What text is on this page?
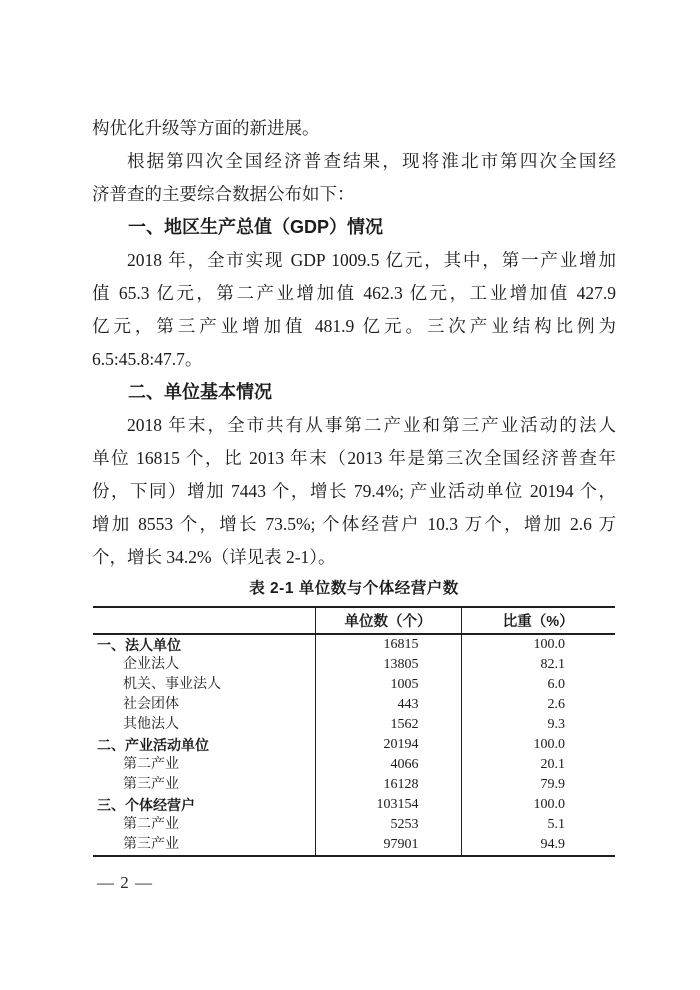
构优化升级等方面的新进展。
根据第四次全国经济普查结果，现将淮北市第四次全国经
济普查的主要综合数据公布如下：
一、地区生产总值（GDP）情况
2018 年，全市实现 GDP 1009.5 亿元，其中，第一产业增加
值 65.3 亿元，第二产业增加值 462.3 亿元，工业增加值 427.9
亿元，第三产业增加值 481.9 亿元。三次产业结构比例为
6.5:45.8:47.7。
二、单位基本情况
2018 年末，全市共有从事第二产业和第三产业活动的法人
单位 16815 个，比 2013 年末（2013 年是第三次全国经济普查年
份，下同）增加 7443 个，增长 79.4%; 产业活动单位 20194 个，
增加 8553 个，增长 73.5%; 个体经营户 10.3 万个，增加 2.6 万
个，增长 34.2%（详见表 2-1）。
表 2-1 单位数与个体经营户数
	单位数（个）	比重（%）
一、法人单位	16815	100.0
企业法人	13805	82.1
机关、事业法人	1005	6.0
社会团体	443	2.6
其他法人	1562	9.3
二、产业活动单位	20194	100.0
第二产业	4066	20.1
第三产业	16128	79.9
三、个体经营户	103154	100.0
第二产业	5253	5.1
第三产业	97901	94.9
— 2 —
